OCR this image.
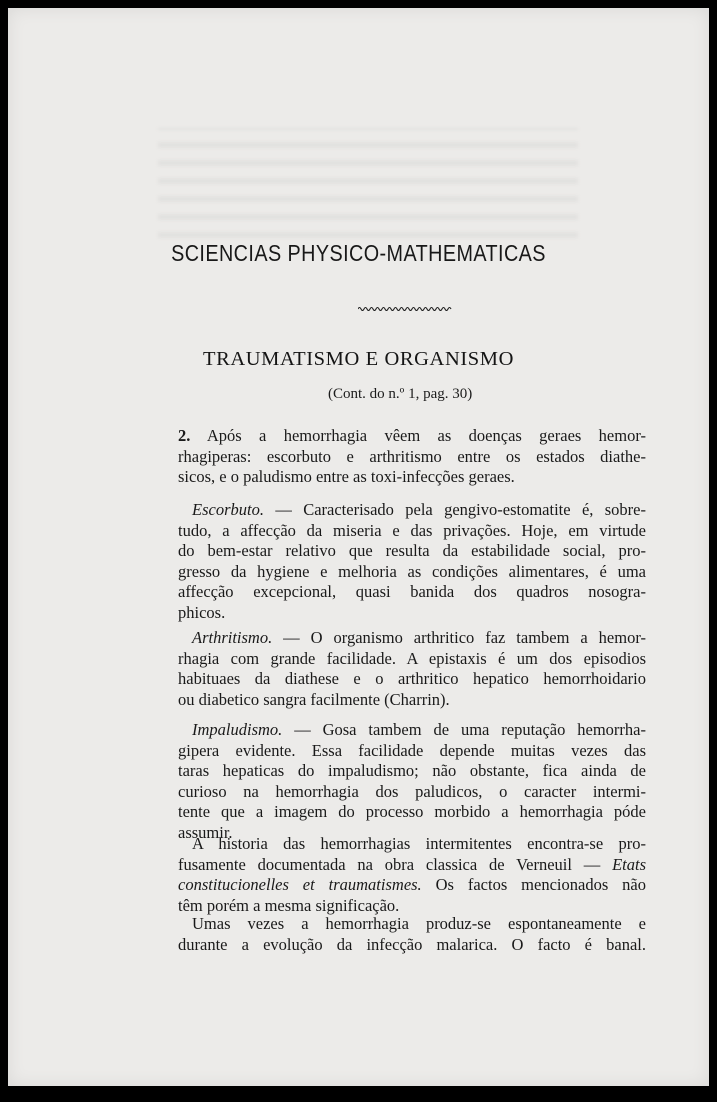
SCIENCIAS PHYSICO-MATHEMATICAS
TRAUMATISMO E ORGANISMO
(Cont. do n.º 1, pag. 30)
2. Após a hemorrhagia vêem as doenças geraes hemor-
rhagiperas: escorbuto e arthritismo entre os estados diathe-
sicos, e o paludismo entre as toxi-infecções geraes.
Escorbuto. — Caracterisado pela gengivo-estomatite é, sobre-
tudo, a affecção da miseria e das privações. Hoje, em virtude
do bem-estar relativo que resulta da estabilidade social, pro-
gresso da hygiene e melhoria as condições alimentares, é uma
affecção excepcional, quasi banida dos quadros nosogra-
phicos.
Arthritismo. — O organismo arthritico faz tambem a hemor-
rhagia com grande facilidade. A epistaxis é um dos episodios
habituaes da diathese e o arthritico hepatico hemorrhoidario
ou diabetico sangra facilmente (Charrin).
Impaludismo. — Gosa tambem de uma reputação hemorrha-
gipera evidente. Essa facilidade depende muitas vezes das
taras hepaticas do impaludismo; não obstante, fica ainda de
curioso na hemorrhagia dos paludicos, o caracter intermi-
tente que a imagem do processo morbido a hemorrhagia póde
assumir.
A historia das hemorrhagias intermitentes encontra-se pro-
fusamente documentada na obra classica de Verneuil — Etats
constitucionelles et traumatismes. Os factos mencionados não
têm porém a mesma significação.
Umas vezes a hemorrhagia produz-se espontaneamente e
durante a evolução da infecção malarica. O facto é banal.
